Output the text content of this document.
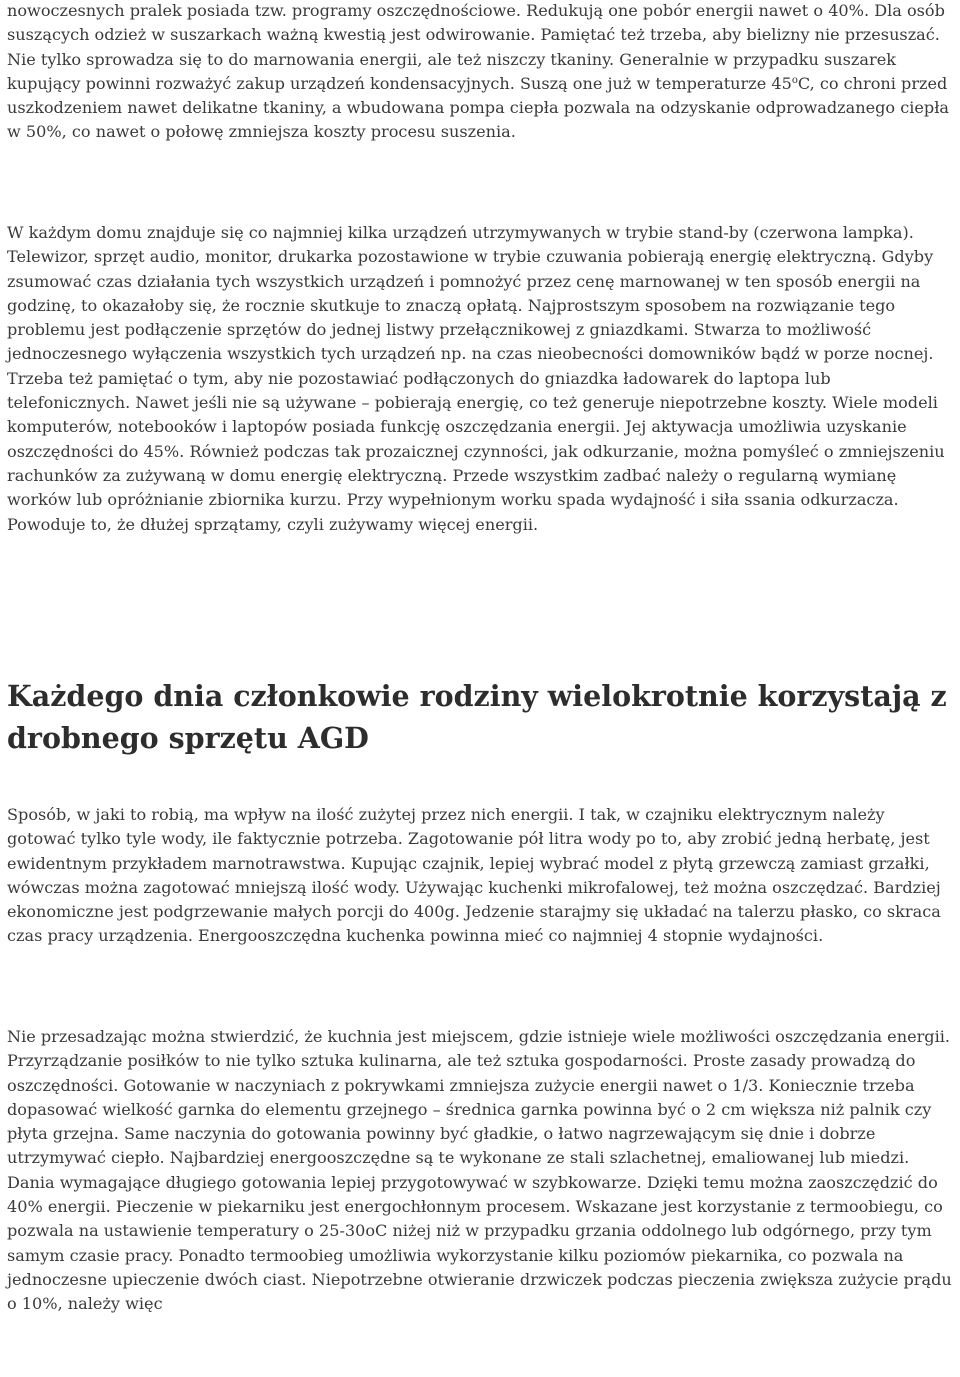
nowoczesnych pralek posiada tzw. programy oszczędnościowe. Redukują one pobór energii nawet o 40%. Dla osób suszących odzież w suszarkach ważną kwestią jest odwirowanie. Pamiętać też trzeba, aby bielizny nie przesuszać. Nie tylko sprowadza się to do marnowania energii, ale też niszczy tkaniny. Generalnie w przypadku suszarek kupujący powinni rozważyć zakup urządzeń kondensacyjnych. Suszą one już w temperaturze 45$^o$C, co chroni przed uszkodzeniem nawet delikatne tkaniny, a wbudowana pompa ciepła pozwala na odzyskanie odprowadzanego ciepła w 50%, co nawet o połowę zmniejsza koszty procesu suszenia.

W każdym domu znajduje się co najmniej kilka urządzeń utrzymywanych w trybie stand-by (czerwona lampka). Telewizor, sprzęt audio, monitor, drukarka pozostawione w trybie czuwania pobierają energię elektryczną. Gdyby zsumować czas działania tych wszystkich urządzeń i pomnożyć przez cenę marnowanej w ten sposób energii na godzinę, to okazałoby się, że rocznie skutkuje to znaczą opłatą. Najprostszym sposobem na rozwiązanie tego problemu jest podłączenie sprzętów do jednej listwy przełącznikowej z gniazdkami. Stwarza to możliwość jednoczesnego wyłączenia wszystkich tych urządzeń np. na czas nieobecności domowników bądź w porze nocnej. Trzeba też pamiętać o tym, aby nie pozostawiać podłączonych do gniazdka ładowarek do laptopa lub telefonicznych. Nawet jeśli nie są używane – pobierają energię, co też generuje niepotrzebne koszty. Wiele modeli komputerów, notebooków i laptopów posiada funkcję oszczędzania energii. Jej aktywacja umożliwia uzyskanie oszczędności do 45%. Również podczas tak prozaicznej czynności, jak odkurzanie, można pomyśleć o zmniejszeniu rachunków za zużywaną w domu energię elektryczną. Przede wszystkim zadbać należy o regularną wymianę worków lub opróżnianie zbiornika kurzu. Przy wypełnionym worku spada wydajność i siła ssania odkurzacza. Powoduje to, że dłużej sprzątamy, czyli zużywamy więcej energii.

Każdego dnia członkowie rodziny wielokrotnie korzystają z drobnego sprzętu AGD

Sposób, w jaki to robią, ma wpływ na ilość zużytej przez nich energii. I tak, w czajniku elektrycznym należy gotować tylko tyle wody, ile faktycznie potrzeba. Zagotowanie pół litra wody po to, aby zrobić jedną herbatę, jest ewidentnym przykładem marnotrawstwa. Kupując czajnik, lepiej wybrać model z płytą grzewczą zamiast grzałki, wówczas można zagotować mniejszą ilość wody. Używając kuchenki mikrofalowej, też można oszczędzać. Bardziej ekonomiczne jest podgrzewanie małych porcji do 400g. Jedzenie starajmy się układać na talerzu płasko, co skraca czas pracy urządzenia. Energooszczędna kuchenka powinna mieć co najmniej 4 stopnie wydajności.

Nie przesadzając można stwierdzić, że kuchnia jest miejscem, gdzie istnieje wiele możliwości oszczędzania energii. Przyrządzanie posiłków to nie tylko sztuka kulinarna, ale też sztuka gospodarności. Proste zasady prowadzą do oszczędności. Gotowanie w naczyniach z pokrywkami zmniejsza zużycie energii nawet o 1/3. Koniecznie trzeba dopasować wielkość garnka do elementu grzejnego – średnica garnka powinna być o 2 cm większa niż palnik czy płyta grzejna. Same naczynia do gotowania powinny być gładkie, o łatwo nagrzewającym się dnie i dobrze utrzymywać ciepło. Najbardziej energooszczędne są te wykonane ze stali szlachetnej, emaliowanej lub miedzi. Dania wymagające długiego gotowania lepiej przygotowywać w szybkowarze. Dzięki temu można zaoszczędzić do 40% energii. Pieczenie w piekarniku jest energochłonnym procesem. Wskazane jest korzystanie z termoobiegu, co pozwala na ustawienie temperatury o 25-30oC niżej niż w przypadku grzania oddolnego lub odgórnego, przy tym samym czasie pracy. Ponadto termoobieg umożliwia wykorzystanie kilku poziomów piekarnika, co pozwala na jednoczesne upieczenie dwóch ciast. Niepotrzebne otwieranie drzwiczek podczas pieczenia zwiększa zużycie prądu o 10%, należy więc
